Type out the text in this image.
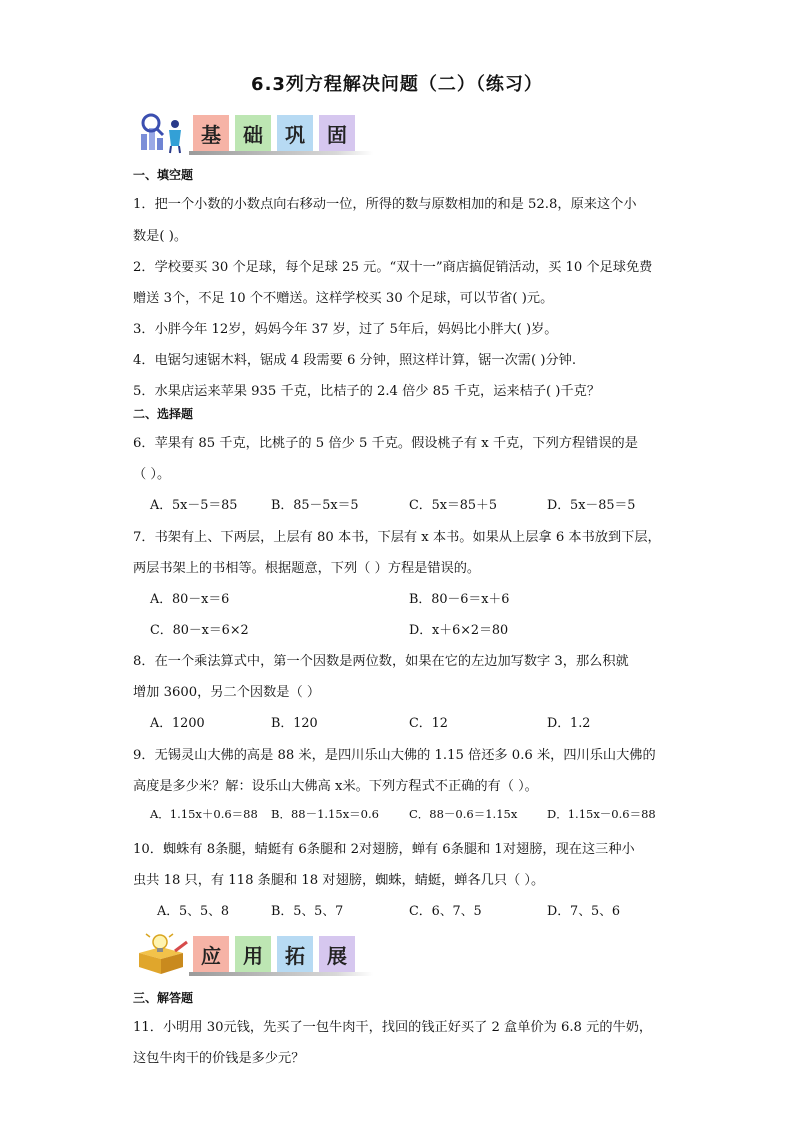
6.3列方程解决问题（二）（练习）
基	础	巩	固
一、填空题
1．把一个小数的小数点向右移动一位，所得的数与原数相加的和是 52.8，原来这个小
数是( )。
2．学校要买 30 个足球，每个足球 25 元。“双十一”商店搞促销活动，买 10 个足球免费
赠送 3个，不足 10 个不赠送。这样学校买 30 个足球，可以节省( )元。
3．小胖今年 12岁，妈妈今年 37 岁，过了 5年后，妈妈比小胖大( )岁。
4．电锯匀速锯木料，锯成 4 段需要 6 分钟，照这样计算，锯一次需( )分钟.
5．水果店运来苹果 935 千克，比桔子的 2.4 倍少 85 千克，运来桔子( )千克？
二、选择题
6．苹果有 85 千克，比桃子的 5 倍少 5 千克。假设桃子有 x 千克，下列方程错误的是
（ ）。
A．5x－5＝85	B．85－5x＝5	C．5x＝85＋5	D．5x－85＝5
7．书架有上、下两层，上层有 80 本书，下层有 x 本书。如果从上层拿 6 本书放到下层，
两层书架上的书相等。根据题意，下列（ ）方程是错误的。
A．80－x＝6	B．80－6＝x＋6
C．80－x＝6×2	D．x＋6×2＝80
8．在一个乘法算式中，第一个因数是两位数，如果在它的左边加写数字 3，那么积就
增加 3600，另二个因数是（ ）
A．1200	B．120	C．12	D．1.2
9．无锡灵山大佛的高是 88 米，是四川乐山大佛的 1.15 倍还多 0.6 米，四川乐山大佛的
高度是多少米？解：设乐山大佛高 x米。下列方程式不正确的有（ ）。
A．1.15x＋0.6＝88 B．88－1.15x＝0.6	C．88－0.6＝1.15x	D．1.15x－0.6＝88
10．蜘蛛有 8条腿，蜻蜓有 6条腿和 2对翅膀，蝉有 6条腿和 1对翅膀，现在这三种小
虫共 18 只，有 118 条腿和 18 对翅膀，蜘蛛，蜻蜓，蝉各几只（ ）。
A．5、5、8	B．5、5、7	C．6、7、5	D．7、5、6
应	用	拓	展
三、解答题
11．小明用 30元钱，先买了一包牛肉干，找回的钱正好买了 2 盒单价为 6.8 元的牛奶，
这包牛肉干的价钱是多少元？
